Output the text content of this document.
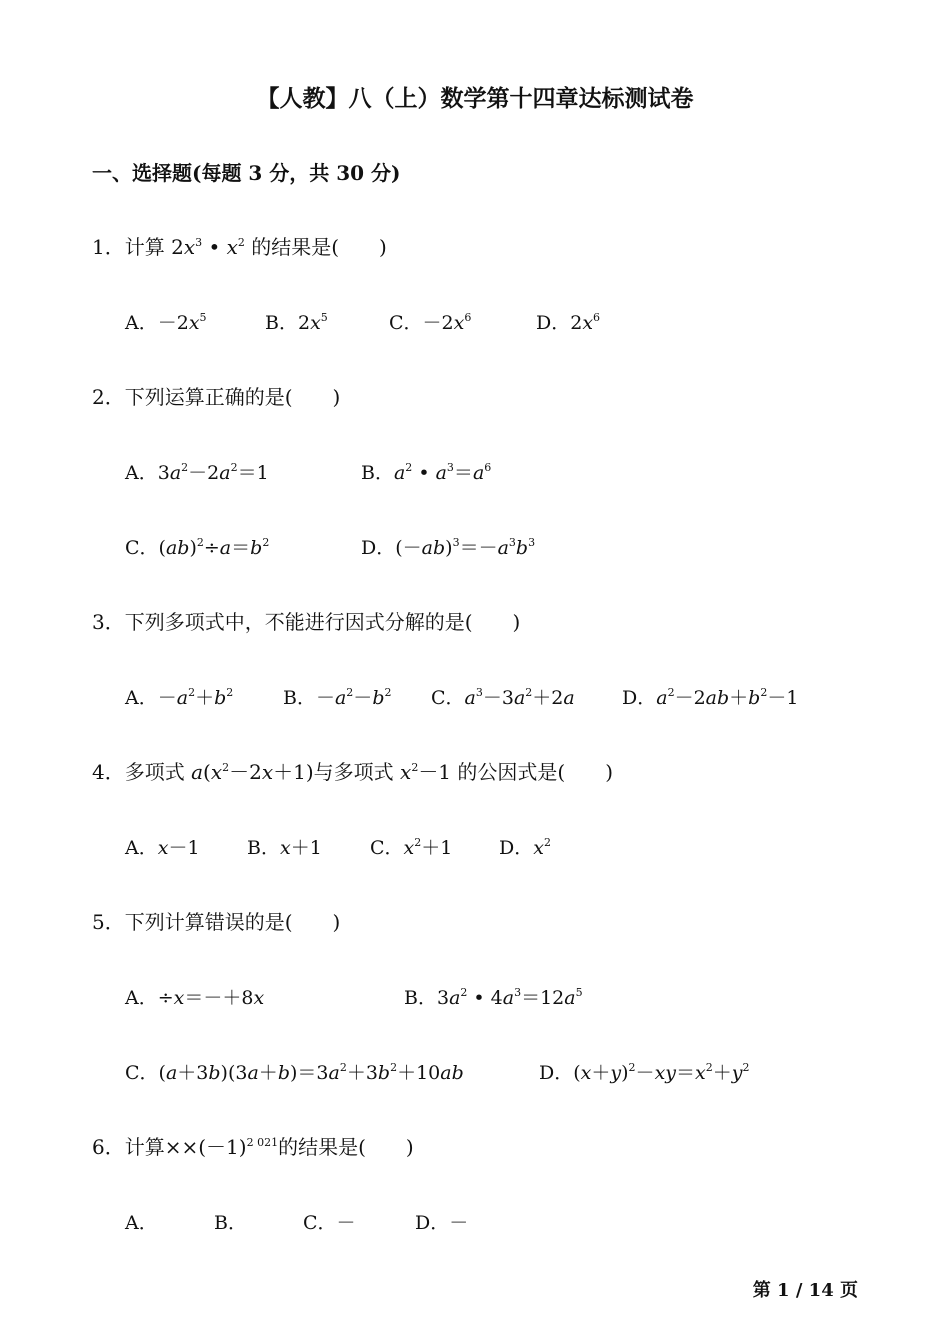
【人教】八（上）数学第十四章达标测试卷
一、选择题(每题 3 分，共 30 分)
1．计算 $2x^3$ • $x^2$ 的结果是(　　)
A．$-2x^5$	B．$2x^5$	C．$-2x^6$	D．$2x^6$
2．下列运算正确的是(　　)
A．$3a^2-2a^2=1$	B．$a^2$ • $a^3=a^6$
C．$(ab)^2\div a=b^2$	D．$(-ab)^3=-a^3b^3$
3．下列多项式中，不能进行因式分解的是(　　)
A．$-a^2+b^2$	B．$-a^2-b^2$ C．$a^3-3a^2+2a$ D．$a^2-2ab+b^2-1$
4．多项式 $a(x^2-2x+1)$与多项式 $x^2-1$ 的公因式是(　　)
A．x－1 B．x＋1	C．$x^2+1$ D．$x^2$
5．下列计算错误的是(　　)
A．÷x＝－＋8x	B．$3a^2$ • $4a^3=12a^5$
C．$(a+3b)(3a+b)=3a^2+3b^2+10ab$	D．$(x+y)^2-xy=x^2+y^2$
6．计算$\times\times(-1)^{2 021}$的结果是(　　)
A．	B．	C．－	D．－
第 1 / 14 页
